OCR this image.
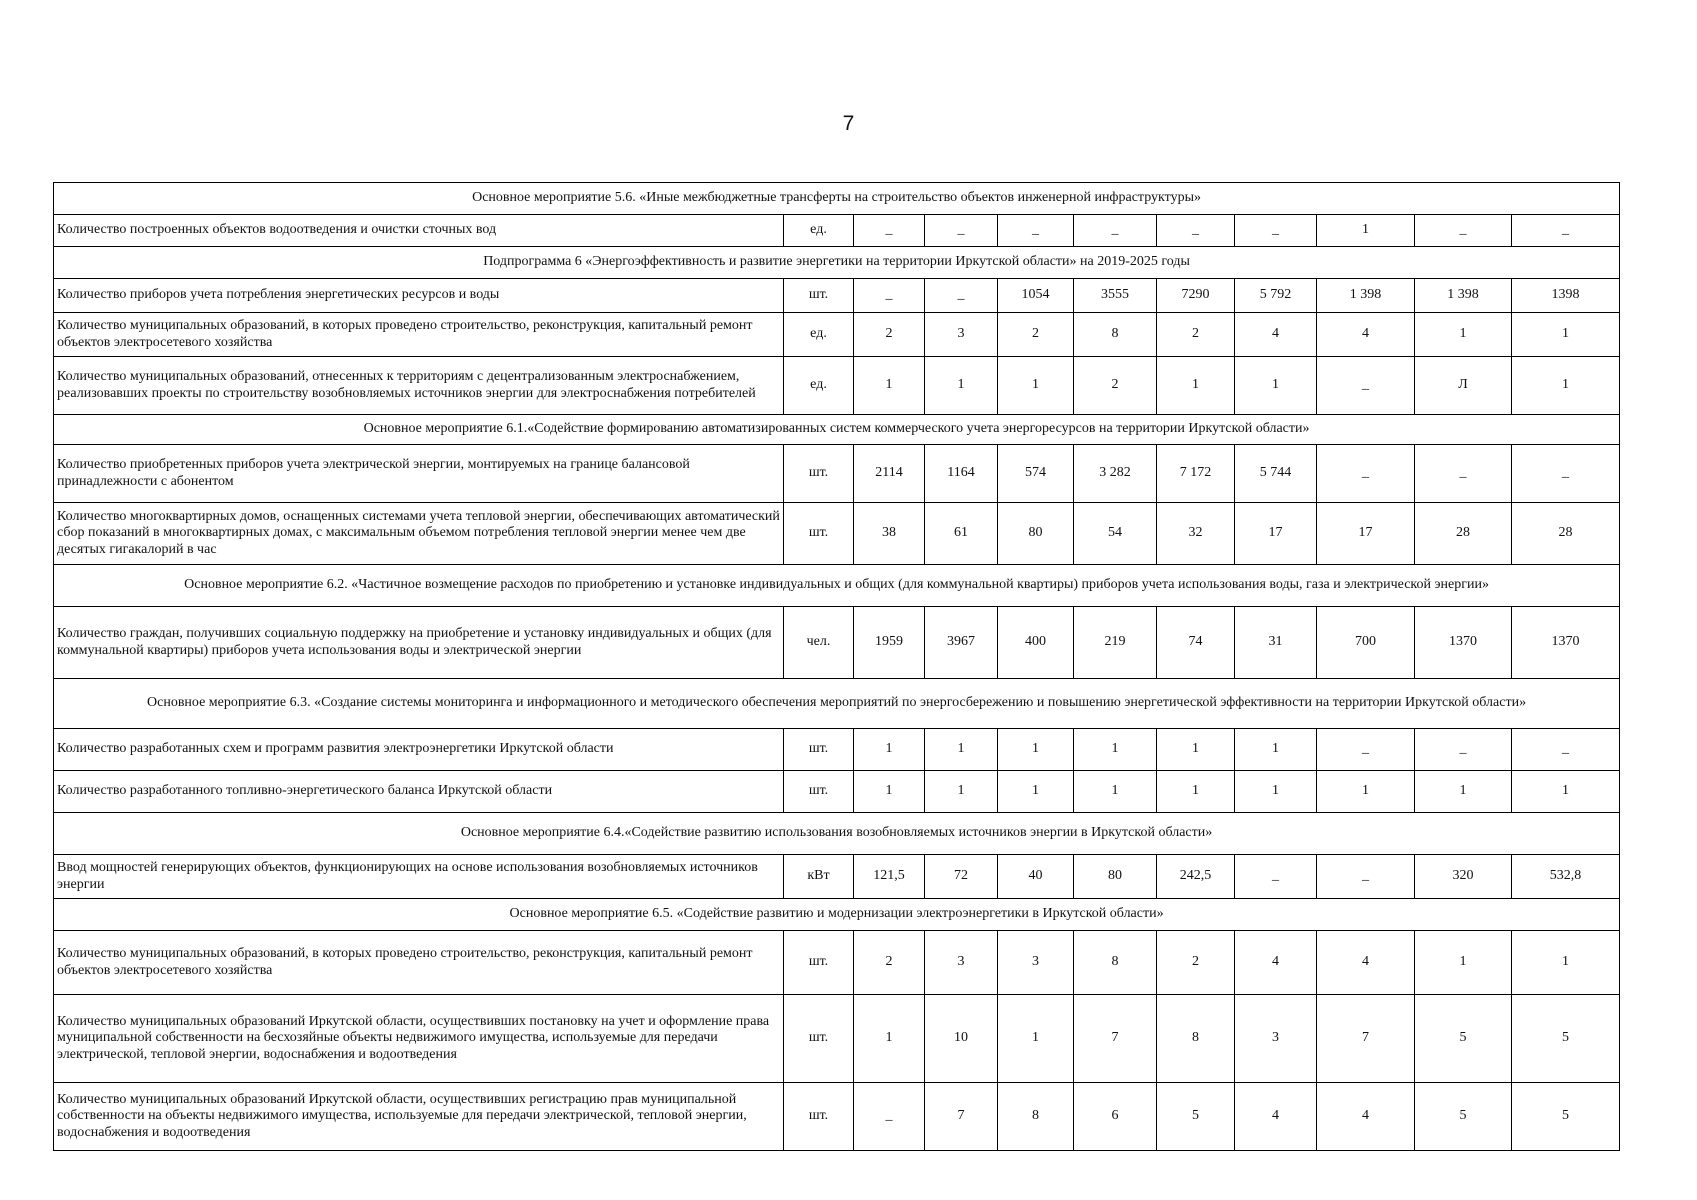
7
Основное мероприятие 5.6. «Иные межбюджетные трансферты на строительство объектов инженерной инфраструктуры»										
Количество построенных объектов водоотведения и очистки сточных вод	ед.	_	_	_	_	_	_	1	_	_
Подпрограмма 6 «Энергоэффективность и развитие энергетики на территории Иркутской области» на 2019-2025 годы										
Количество приборов учета потребления энергетических ресурсов и воды	шт.	_	_	1054	3555	7290	5 792	1 398	1 398	1398
Количество муниципальных образований, в которых проведено строительство, реконструкция, капитальный ремонт объектов электросетевого хозяйства	ед.	2	3	2	8	2	4	4	1	1
Количество муниципальных образований, отнесенных к территориям с децентрализованным электроснабжением, реализовавших проекты по строительству возобновляемых источников энергии для электроснабжения потребителей	ед.	1	1	1	2	1	1	_	Л	1
Основное мероприятие 6.1.«Содействие формированию автоматизированных систем коммерческого учета энергоресурсов на территории Иркутской области»										
Количество приобретенных приборов учета электрической энергии, монтируемых на границе балансовой принадлежности с абонентом	шт.	2114	1164	574	3 282	7 172	5 744	_	_	_
Количество многоквартирных домов, оснащенных системами учета тепловой энергии, обеспечивающих автоматический сбор показаний в многоквартирных домах, с максимальным объемом потребления тепловой энергии менее чем две десятых гигакалорий в час	шт.	38	61	80	54	32	17	17	28	28
Основное мероприятие 6.2. «Частичное возмещение расходов по приобретению и установке индивидуальных и общих (для коммунальной квартиры) приборов учета использования воды, газа и электрической энергии»										
Количество граждан, получивших социальную поддержку на приобретение и установку индивидуальных и общих (для коммунальной квартиры) приборов учета использования воды и электрической энергии	чел.	1959	3967	400	219	74	31	700	1370	1370
Основное мероприятие 6.3. «Создание системы мониторинга и информационного и методического обеспечения мероприятий по энергосбережению и повышению энергетической эффективности на территории Иркутской области»										
Количество разработанных схем и программ развития электроэнергетики Иркутской области	шт.	1	1	1	1	1	1	_	_	_
Количество разработанного топливно-энергетического баланса Иркутской области	шт.	1	1	1	1	1	1	1	1	1
Основное мероприятие 6.4.«Содействие развитию использования возобновляемых источников энергии в Иркутской области»										
Ввод мощностей генерирующих объектов, функционирующих на основе использования возобновляемых источников энергии	кВт	121,5	72	40	80	242,5	_	_	320	532,8
Основное мероприятие 6.5. «Содействие развитию и модернизации электроэнергетики в Иркутской области»										
Количество муниципальных образований, в которых проведено строительство, реконструкция, капитальный ремонт объектов электросетевого хозяйства	шт.	2	3	3	8	2	4	4	1	1
Количество муниципальных образований Иркутской области, осуществивших постановку на учет и оформление права муниципальной собственности на бесхозяйные объекты недвижимого имущества, используемые для передачи электрической, тепловой энергии, водоснабжения и водоотведения	шт.	1	10	1	7	8	3	7	5	5
Количество муниципальных образований Иркутской области, осуществивших регистрацию прав муниципальной собственности на объекты недвижимого имущества, используемые для передачи электрической, тепловой энергии, водоснабжения и водоотведения	шт.	_	7	8	6	5	4	4	5	5
